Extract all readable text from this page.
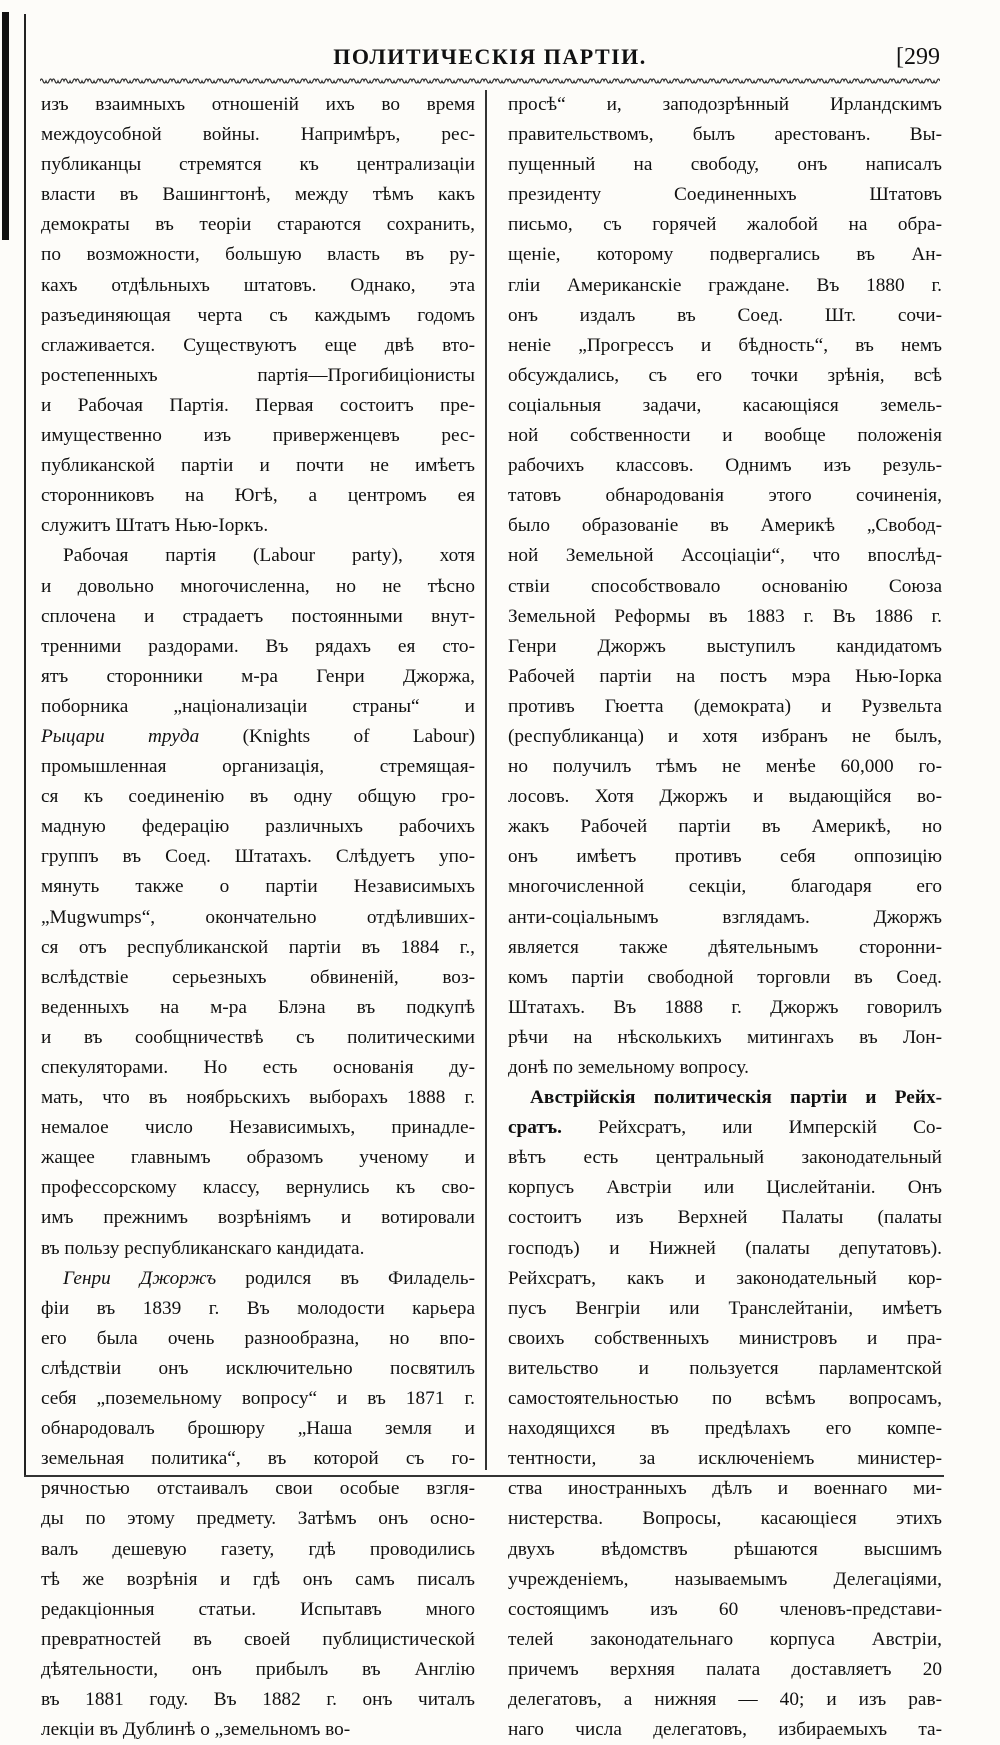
ПОЛИТИЧЕСКІЯ ПАРТІИ.	[299
изъ взаимныхъ отношеній ихъ во время
междоусобной войны. Напримѣръ, рес-
публиканцы стремятся къ централизаціи
власти въ Вашингтонѣ, между тѣмъ какъ
демократы въ теоріи стараются сохранить,
по возможности, большую власть въ ру-
кахъ отдѣльныхъ штатовъ. Однако, эта
разъединяющая черта съ каждымъ годомъ
сглаживается. Существуютъ еще двѣ вто-
ростепенныхъ партія—Прогибиціонисты
и Рабочая Партія. Первая состоитъ пре-
имущественно изъ приверженцевъ рес-
публиканской партіи и почти не имѣетъ
сторонниковъ на Югѣ, а центромъ ея
служитъ Штатъ Нью-Іоркъ.
Рабочая партія (Labour party), хотя
и довольно многочисленна, но не тѣсно
сплочена и страдаетъ постоянными внут-
тренними раздорами. Въ рядахъ ея сто-
ятъ сторонники м-ра Генри Джоржа,
поборника „націонализаціи страны“ и
Рыцари труда (Knights of Labour)
промышленная организація, стремящая-
ся къ соединенію въ одну общую гро-
мадную федерацію различныхъ рабочихъ
группъ въ Соед. Штатахъ. Слѣдуетъ упо-
мянуть также о партіи Независимыхъ
„Mugwumps“, окончательно отдѣливших-
ся отъ республиканской партіи въ 1884 г.,
вслѣдствіе серьезныхъ обвиненій, воз-
веденныхъ на м-ра Блэна въ подкупѣ
и въ сообщничествѣ съ политическими
спекуляторами. Но есть основанія ду-
мать, что въ ноябрьскихъ выборахъ 1888 г.
немалое число Независимыхъ, принадле-
жащее главнымъ образомъ ученому и
профессорскому классу, вернулись къ сво-
имъ прежнимъ возрѣніямъ и вотировали
въ пользу республиканскаго кандидата.
Генри Джоржъ родился въ Филадель-
фіи въ 1839 г. Въ молодости карьера
его была очень разнообразна, но впо-
слѣдствіи онъ исключительно посвятилъ
себя „поземельному вопросу“ и въ 1871 г.
обнародовалъ брошюру „Наша земля и
земельная политика“, въ которой съ го-
рячностью отстаивалъ свои особые взгля-
ды по этому предмету. Затѣмъ онъ осно-
валъ дешевую газету, гдѣ проводились
тѣ же возрѣнія и гдѣ онъ самъ писалъ
редакціонныя статьи. Испытавъ много
превратностей въ своей публицистической
дѣятельности, онъ прибылъ въ Англію
въ 1881 году. Въ 1882 г. онъ читалъ
лекціи въ Дублинѣ о „земельномъ во-
просѣ“ и, заподозрѣнный Ирландскимъ
правительствомъ, былъ арестованъ. Вы-
пущенный на свободу, онъ написалъ
президенту Соединенныхъ Штатовъ
письмо, съ горячей жалобой на обра-
щеніе, которому подвергались въ Ан-
гліи Американскіе граждане. Въ 1880 г.
онъ издалъ въ Соед. Шт. сочи-
неніе „Прогрессъ и бѣдность“, въ немъ
обсуждались, съ его точки зрѣнія, всѣ
соціальныя задачи, касающіяся земель-
ной собственности и вообще положенія
рабочихъ классовъ. Однимъ изъ резуль-
татовъ обнародованія этого сочиненія,
было образованіе въ Америкѣ „Свобод-
ной Земельной Ассоціаціи“, что впослѣд-
ствіи способствовало основанію Союза
Земельной Реформы въ 1883 г. Въ 1886 г.
Генри Джоржъ выступилъ кандидатомъ
Рабочей партіи на постъ мэра Нью-Іорка
противъ Гюетта (демократа) и Рузвельта
(республиканца) и хотя избранъ не былъ,
но получилъ тѣмъ не менѣе 60,000 го-
лосовъ. Хотя Джоржъ и выдающійся во-
жакъ Рабочей партіи въ Америкѣ, но
онъ имѣетъ противъ себя оппозицію
многочисленной секціи, благодаря его
анти-соціальнымъ взглядамъ. Джоржъ
является также дѣятельнымъ сторонни-
комъ партіи свободной торговли въ Соед.
Штатахъ. Въ 1888 г. Джоржъ говорилъ
рѣчи на нѣсколькихъ митингахъ въ Лон-
донѣ по земельному вопросу.
Австрійскія политическія партіи и Рейх-
сратъ. Рейхсратъ, или Имперскій Со-
вѣтъ есть центральный законодательный
корпусъ Австріи или Цислейтаніи. Онъ
состоитъ изъ Верхней Палаты (палаты
господъ) и Нижней (палаты депутатовъ).
Рейхсратъ, какъ и законодательный кор-
пусъ Венгріи или Транслейтаніи, имѣетъ
своихъ собственныхъ министровъ и пра-
вительство и пользуется парламентской
самостоятельностью по всѣмъ вопросамъ,
находящихся въ предѣлахъ его компе-
тентности, за исключеніемъ министер-
ства иностранныхъ дѣлъ и военнаго ми-
нистерства. Вопросы, касающіеся этихъ
двухъ вѣдомствъ рѣшаются высшимъ
учрежденіемъ, называемымъ Делегаціями,
состоящимъ изъ 60 членовъ-представи-
телей законодательнаго корпуса Австріи,
причемъ верхняя палата доставляетъ 20
делегатовъ, а нижняя — 40; и изъ рав-
наго числа делегатовъ, избираемыхъ та-
